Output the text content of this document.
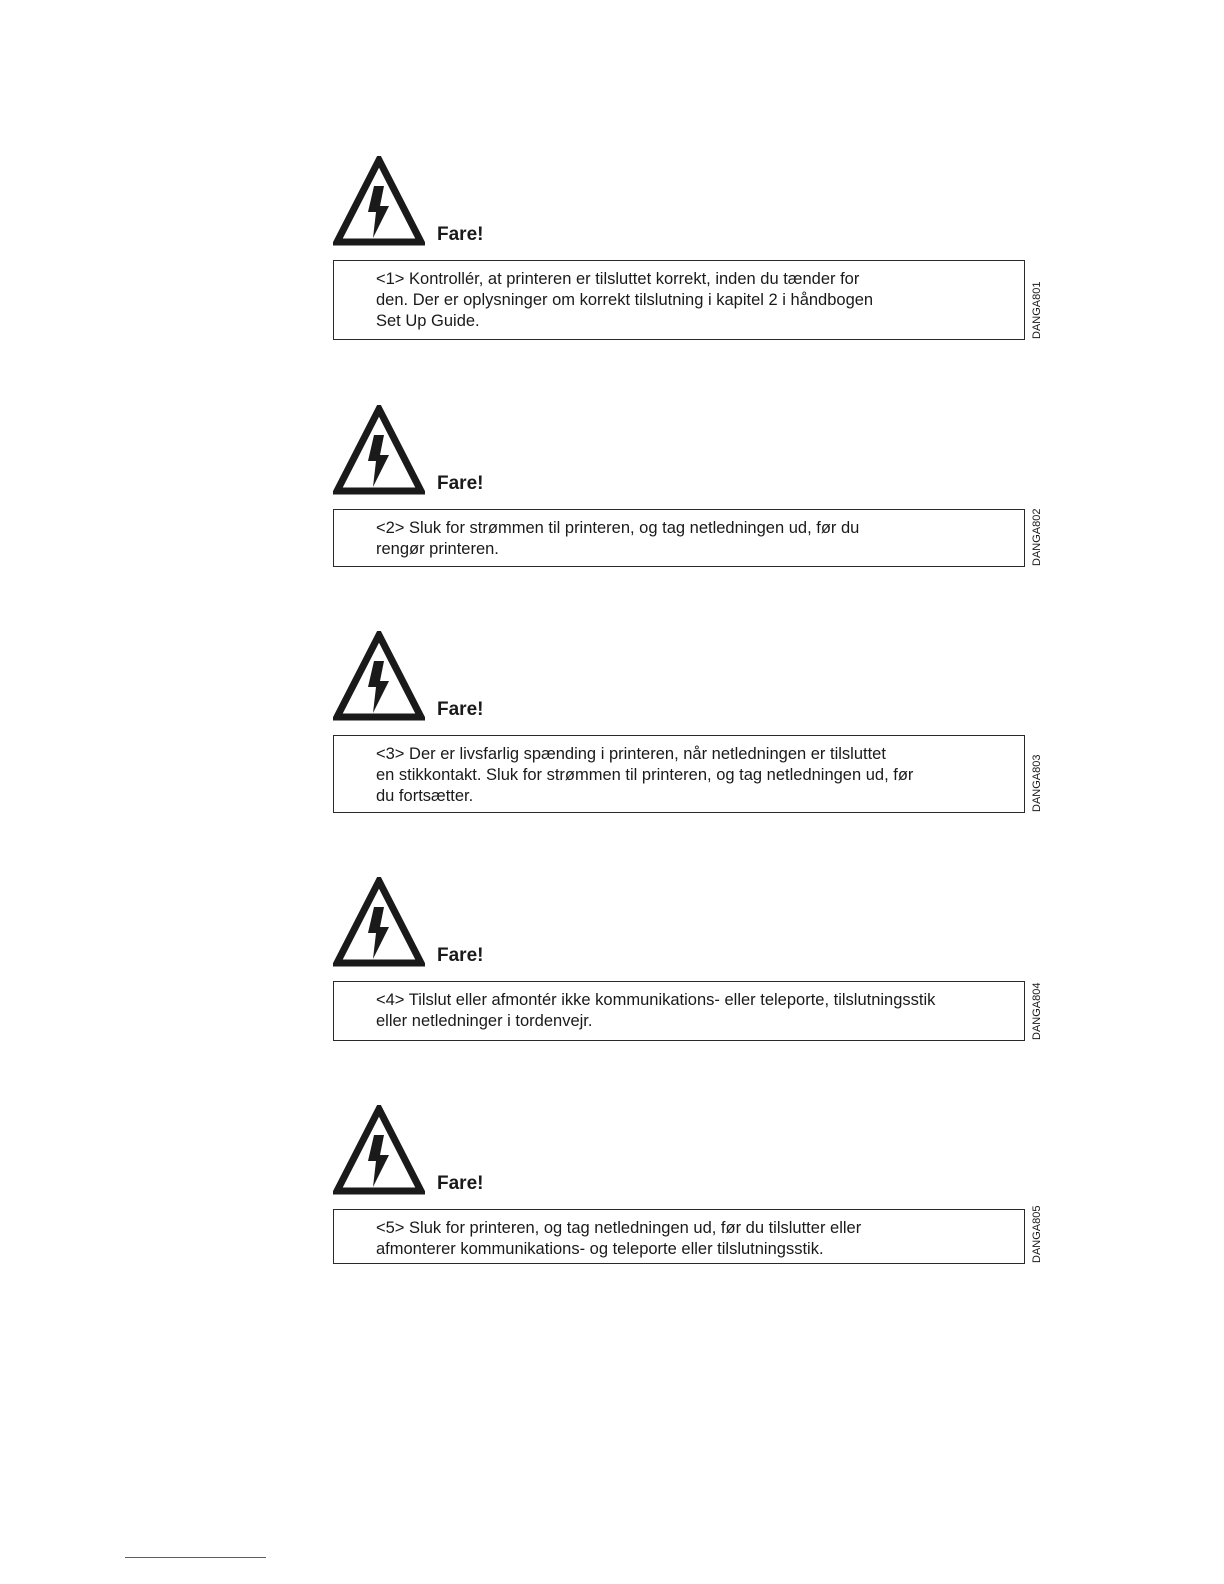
Fare!

<1> Kontrollér, at printeren er tilsluttet korrekt, inden du tænder for
den. Der er oplysninger om korrekt tilslutning i kapitel 2 i håndbogen
Set Up Guide.	DANGA801
Fare!

<2> Sluk for strømmen til printeren, og tag netledningen ud, før du
rengør printeren.	DANGA802
Fare!

<3> Der er livsfarlig spænding i printeren, når netledningen er tilsluttet
en stikkontakt. Sluk for strømmen til printeren, og tag netledningen ud, før
du fortsætter.	DANGA803
Fare!

<4> Tilslut eller afmontér ikke kommunikations- eller teleporte, tilslutningsstik
eller netledninger i tordenvejr.	DANGA804
Fare!

<5> Sluk for printeren, og tag netledningen ud, før du tilslutter eller
afmonterer kommunikations- og teleporte eller tilslutningsstik.	DANGA805
